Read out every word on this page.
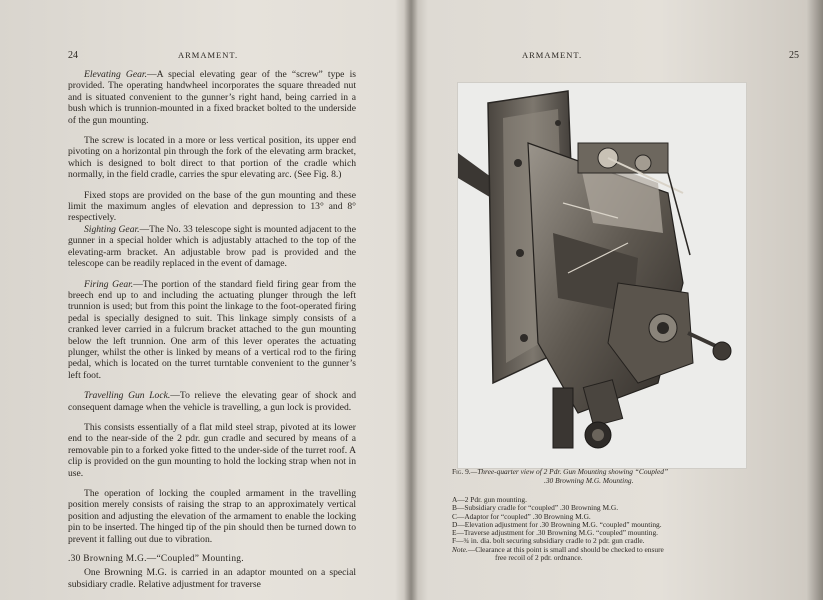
24	ARMAMENT.

Elevating Gear.—A special elevating gear of the “screw” type is provided. The operating handwheel incorporates the square threaded nut and is situated convenient to the gunner’s right hand, being carried in a bush which is trunnion-mounted in a fixed bracket bolted to the underside of the gun mounting.

The screw is located in a more or less vertical position, its upper end pivoting on a horizontal pin through the fork of the elevating arm bracket, which is designed to bolt direct to that portion of the cradle which normally, in the field cradle, carries the spur elevating arc. (See Fig. 8.)

Fixed stops are provided on the base of the gun mounting and these limit the maximum angles of elevation and depression to 13° and 8° respectively.

Sighting Gear.—The No. 33 telescope sight is mounted adjacent to the gunner in a special holder which is adjustably attached to the top of the elevating-arm bracket. An adjustable brow pad is provided and the telescope can be readily replaced in the event of damage.

Firing Gear.—The portion of the standard field firing gear from the breech end up to and including the actuating plunger through the left trunnion is used; but from this point the linkage to the foot-operated firing pedal is specially designed to suit. This linkage simply consists of a cranked lever carried in a fulcrum bracket attached to the gun mounting below the left trunnion. One arm of this lever operates the actuating plunger, whilst the other is linked by means of a vertical rod to the firing pedal, which is located on the turret turntable convenient to the gunner’s left foot.

Travelling Gun Lock.—To relieve the elevating gear of shock and consequent damage when the vehicle is travelling, a gun lock is provided.

This consists essentially of a flat mild steel strap, pivoted at its lower end to the near-side of the 2 pdr. gun cradle and secured by means of a removable pin to a forked yoke fitted to the under-side of the turret roof. A clip is provided on the gun mounting to hold the locking strap when not in use.

The operation of locking the coupled armament in the travelling position merely consists of raising the strap to an approximately vertical position and adjusting the elevation of the armament to enable the locking pin to be inserted. The hinged tip of the pin should then be turned down to prevent it falling out due to vibration.

.30 Browning M.G.—“Coupled” Mounting.

One Browning M.G. is carried in an adaptor mounted on a special subsidiary cradle. Relative adjustment for traverse

ARMAMENT.	25
Fig. 9.—Three-quarter view of 2 Pdr. Gun Mounting showing “Coupled”
.30 Browning M.G. Mounting.
A—2 Pdr. gun mounting.
B—Subsidiary cradle for “coupled” .30 Browning M.G.
C—Adaptor for “coupled” .30 Browning M.G.
D—Elevation adjustment for .30 Browning M.G. “coupled” mounting.
E—Traverse adjustment for .30 Browning M.G. “coupled” mounting.
F—¾ in. dia. bolt securing subsidiary cradle to 2 pdr. gun cradle.
Note.—Clearance at this point is small and should be checked to ensure
free recoil of 2 pdr. ordnance.
